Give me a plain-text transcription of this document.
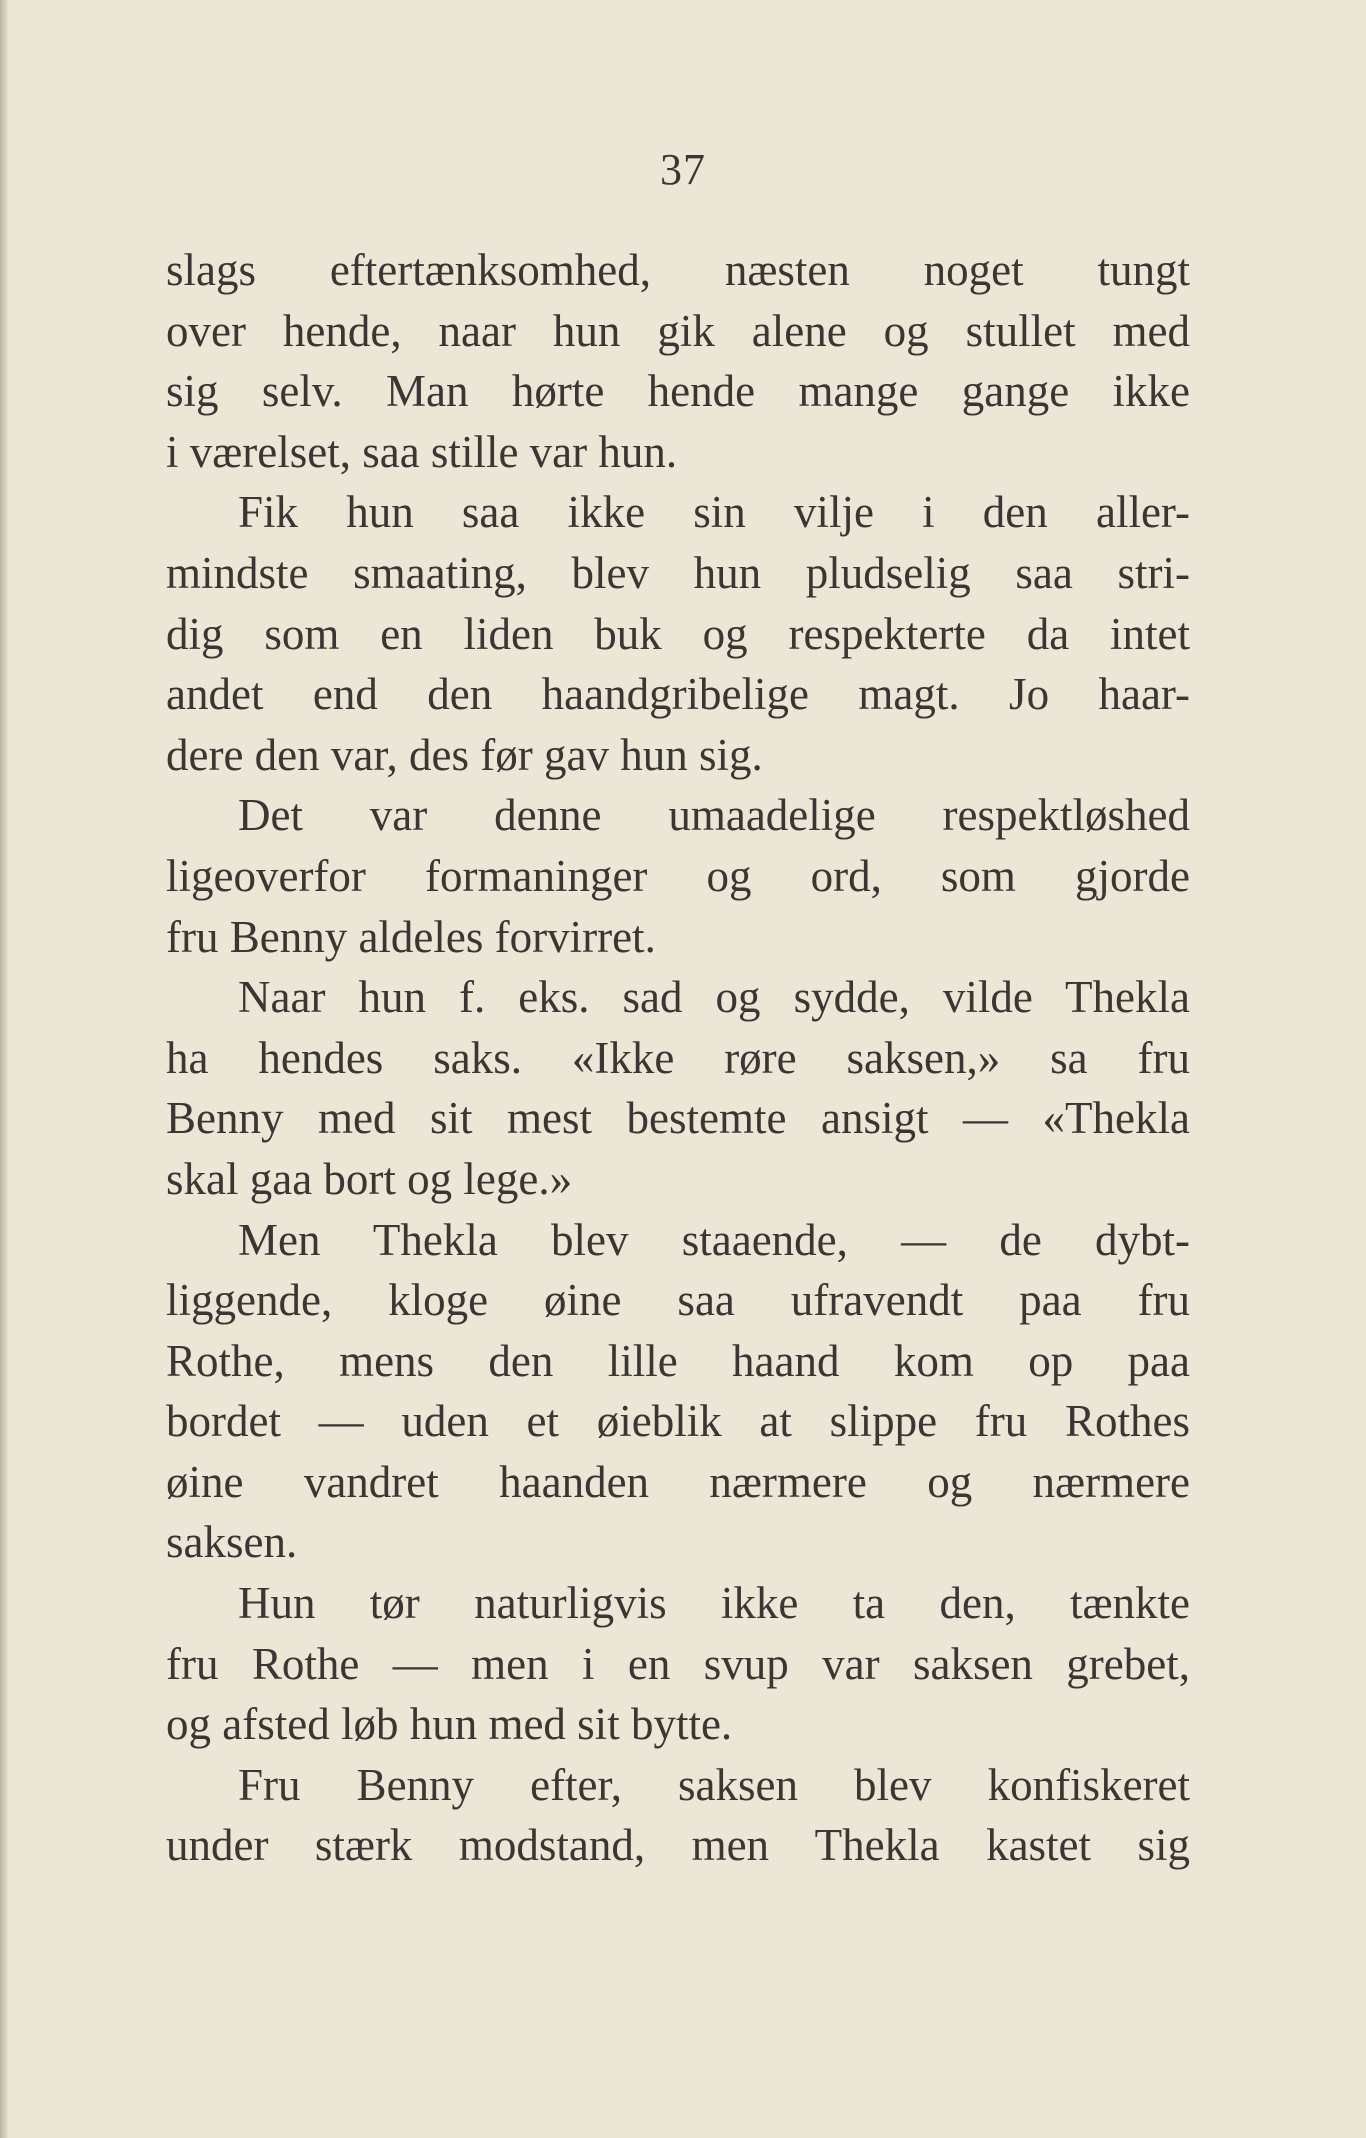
37
slags eftertænksomhed, næsten noget tungt
over hende, naar hun gik alene og stullet med
sig selv. Man hørte hende mange gange ikke
i værelset, saa stille var hun.
Fik hun saa ikke sin vilje i den aller-
mindste smaating, blev hun pludselig saa stri-
dig som en liden buk og respekterte da intet
andet end den haandgribelige magt. Jo haar-
dere den var, des før gav hun sig.
Det var denne umaadelige respektløshed
ligeoverfor formaninger og ord, som gjorde
fru Benny aldeles forvirret.
Naar hun f. eks. sad og sydde, vilde Thekla
ha hendes saks. «Ikke røre saksen,» sa fru
Benny med sit mest bestemte ansigt — «Thekla
skal gaa bort og lege.»
Men Thekla blev staaende, — de dybt-
liggende, kloge øine saa ufravendt paa fru
Rothe, mens den lille haand kom op paa
bordet — uden et øieblik at slippe fru Rothes
øine vandret haanden nærmere og nærmere
saksen.
Hun tør naturligvis ikke ta den, tænkte
fru Rothe — men i en svup var saksen grebet,
og afsted løb hun med sit bytte.
Fru Benny efter, saksen blev konfiskeret
under stærk modstand, men Thekla kastet sig
